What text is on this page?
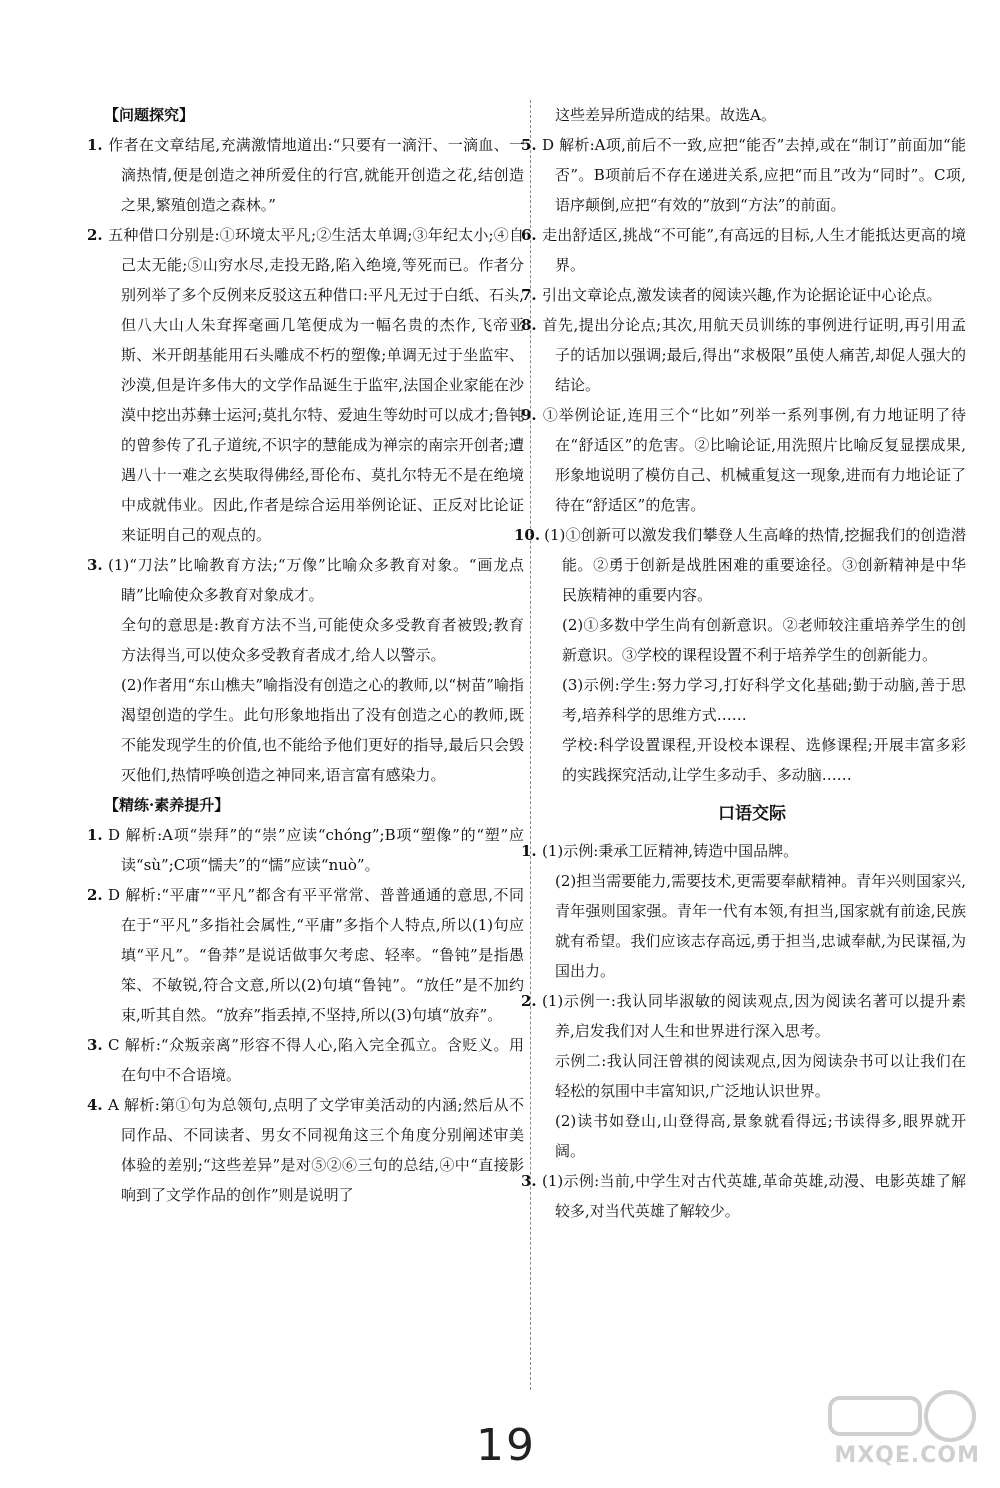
【问题探究】

1. 作者在文章结尾,充满激情地道出:“只要有一滴汗、一滴血、一滴热情,便是创造之神所爱住的行宫,就能开创造之花,结创造之果,繁殖创造之森林。”

2. 五种借口分别是:①环境太平凡;②生活太单调;③年纪太小;④自己太无能;⑤山穷水尽,走投无路,陷入绝境,等死而已。作者分别列举了多个反例来反驳这五种借口:平凡无过于白纸、石头,但八大山人朱耷挥毫画几笔便成为一幅名贵的杰作,飞帝亚斯、米开朗基能用石头雕成不朽的塑像;单调无过于坐监牢、沙漠,但是许多伟大的文学作品诞生于监牢,法国企业家能在沙漠中挖出苏彝士运河;莫扎尔特、爱迪生等幼时可以成才;鲁钝的曾参传了孔子道统,不识字的慧能成为禅宗的南宗开创者;遭遇八十一难之玄奘取得佛经,哥伦布、莫扎尔特无不是在绝境中成就伟业。因此,作者是综合运用举例论证、正反对比论证来证明自己的观点的。

3. (1)“刀法”比喻教育方法;“万像”比喻众多教育对象。“画龙点睛”比喻使众多教育对象成才。

全句的意思是:教育方法不当,可能使众多受教育者被毁;教育方法得当,可以使众多受教育者成才,给人以警示。

(2)作者用“东山樵夫”喻指没有创造之心的教师,以“树苗”喻指渴望创造的学生。此句形象地指出了没有创造之心的教师,既不能发现学生的价值,也不能给予他们更好的指导,最后只会毁灭他们,热情呼唤创造之神同来,语言富有感染力。

【精练·素养提升】

1. D 解析:A项“崇拜”的“崇”应读“chóng”;B项“塑像”的“塑”应读“sù”;C项“懦夫”的“懦”应读“nuò”。

2. D 解析:“平庸”“平凡”都含有平平常常、普普通通的意思,不同在于“平凡”多指社会属性,“平庸”多指个人特点,所以(1)句应填“平凡”。“鲁莽”是说话做事欠考虑、轻率。“鲁钝”是指愚笨、不敏锐,符合文意,所以(2)句填“鲁钝”。“放任”是不加约束,听其自然。“放弃”指丢掉,不坚持,所以(3)句填“放弃”。

3. C 解析:“众叛亲离”形容不得人心,陷入完全孤立。含贬义。用在句中不合语境。

4. A 解析:第①句为总领句,点明了文学审美活动的内涵;然后从不同作品、不同读者、男女不同视角这三个角度分别阐述审美体验的差别;“这些差异”是对⑤②⑥三句的总结,④中“直接影响到了文学作品的创作”则是说明了

这些差异所造成的结果。故选A。

5. D 解析:A项,前后不一致,应把“能否”去掉,或在“制订”前面加“能否”。B项前后不存在递进关系,应把“而且”改为“同时”。C项,语序颠倒,应把“有效的”放到“方法”的前面。

6. 走出舒适区,挑战“不可能”,有高远的目标,人生才能抵达更高的境界。

7. 引出文章论点,激发读者的阅读兴趣,作为论据论证中心论点。

8. 首先,提出分论点;其次,用航天员训练的事例进行证明,再引用孟子的话加以强调;最后,得出“求极限”虽使人痛苦,却促人强大的结论。

9. ①举例论证,连用三个“比如”列举一系列事例,有力地证明了待在“舒适区”的危害。②比喻论证,用洗照片比喻反复显摆成果,形象地说明了模仿自己、机械重复这一现象,进而有力地论证了待在“舒适区”的危害。

10. (1)①创新可以激发我们攀登人生高峰的热情,挖掘我们的创造潜能。②勇于创新是战胜困难的重要途径。③创新精神是中华民族精神的重要内容。

(2)①多数中学生尚有创新意识。②老师较注重培养学生的创新意识。③学校的课程设置不利于培养学生的创新能力。

(3)示例:学生:努力学习,打好科学文化基础;勤于动脑,善于思考,培养科学的思维方式……

学校:科学设置课程,开设校本课程、选修课程;开展丰富多彩的实践探究活动,让学生多动手、多动脑……

口语交际

1. (1)示例:秉承工匠精神,铸造中国品牌。

(2)担当需要能力,需要技术,更需要奉献精神。青年兴则国家兴,青年强则国家强。青年一代有本领,有担当,国家就有前途,民族就有希望。我们应该志存高远,勇于担当,忠诚奉献,为民谋福,为国出力。

2. (1)示例一:我认同毕淑敏的阅读观点,因为阅读名著可以提升素养,启发我们对人生和世界进行深入思考。

示例二:我认同汪曾祺的阅读观点,因为阅读杂书可以让我们在轻松的氛围中丰富知识,广泛地认识世界。

(2)读书如登山,山登得高,景象就看得远;书读得多,眼界就开阔。

3. (1)示例:当前,中学生对古代英雄,革命英雄,动漫、电影英雄了解较多,对当代英雄了解较少。

19	MXQE.COM
